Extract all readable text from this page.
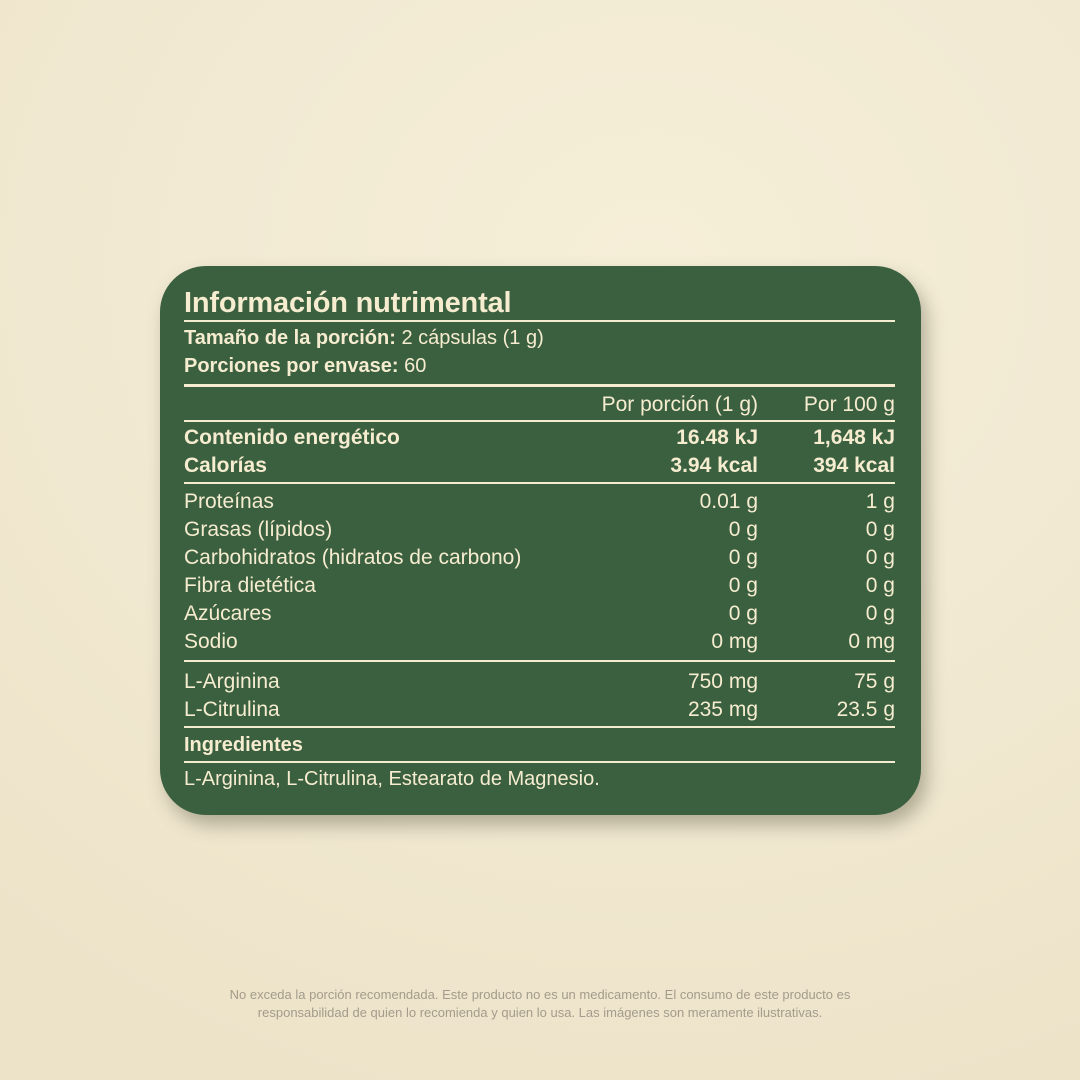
Información nutrimental
Tamaño de la porción: 2 cápsulas (1 g)
Porciones por envase: 60
Por porción (1 g)	Por 100 g
Contenido energético	16.48 kJ	1,648 kJ
Calorías	3.94 kcal	394 kcal
Proteínas	0.01 g	1 g
Grasas (lípidos)	0 g	0 g
Carbohidratos (hidratos de carbono)	0 g	0 g
Fibra dietética	0 g	0 g
Azúcares	0 g	0 g
Sodio	0 mg	0 mg
L-Arginina	750 mg	75 g
L-Citrulina	235 mg	23.5 g
Ingredientes
L-Arginina, L-Citrulina, Estearato de Magnesio.
No exceda la porción recomendada. Este producto no es un medicamento. El consumo de este producto es
responsabilidad de quien lo recomienda y quien lo usa. Las imágenes son meramente ilustrativas.
